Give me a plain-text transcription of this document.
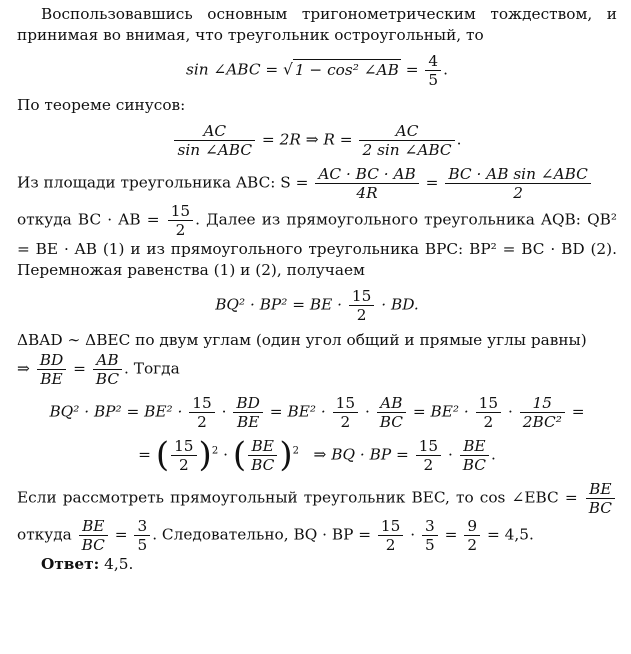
Воспользовавшись основным тригонометрическим тождеством, и принимая во внимая, что треугольник остроугольный, то

sin ∠ABC = √ 1 − cos² ∠AB = $\frac{4}{5}$ .

По теореме синусов:

$\frac{AC}{\text{sin ∠ABC}} = 2R$ ⇒ $R = \frac{AC}{\text{2 sin ∠ABC}}$ .

Из площади треугольника ABC: $S = \frac{AC \cdot BC \cdot AB}{4R} = \frac{\text{BC · AB sin ∠ABC}}{2}$

откуда BC · AB = $\frac{15}{2}$ . Далее из прямоугольного треугольника AQB: QB² = BE · AB (1) и из прямоугольного треугольника BPC: BP² = BC · BD (2). Перемножая равенства (1) и (2), получаем

BQ² · BP² = BE · $\frac{15}{2}$ · BD.

ΔBAD ∼ ΔBEC по двум углам (один угол общий и прямые углы равны)
⇒ $\frac{BD}{BE} = \frac{AB}{BC}$ . Тогда

$BQ^2 \cdot BP^2 = BE^2 \cdot \frac{15}{2} \cdot \frac{BD}{BE} = BE^2 \cdot \frac{15}{2} \cdot \frac{AB}{BC} = BE^2 \cdot \frac{15}{2} \cdot \frac{15}{\text{2BC²}}$ =
= ( $\frac{15}{2} )^2$ · ( $\frac{BE}{BC} )^2$ ⇒ BQ · BP = $\frac{15}{2} \cdot \frac{BE}{BC}$ .

Если рассмотреть прямоугольный треугольник BEC, то cos ∠EBC = $\frac{BE}{BC}$
откуда $\frac{BE}{BC} = \frac{3}{5}$ . Следовательно, BQ · BP = $\frac{15}{2} \cdot \frac{3}{5} = \frac{9}{2} = 4,5$.

Ответ: 4,5.
